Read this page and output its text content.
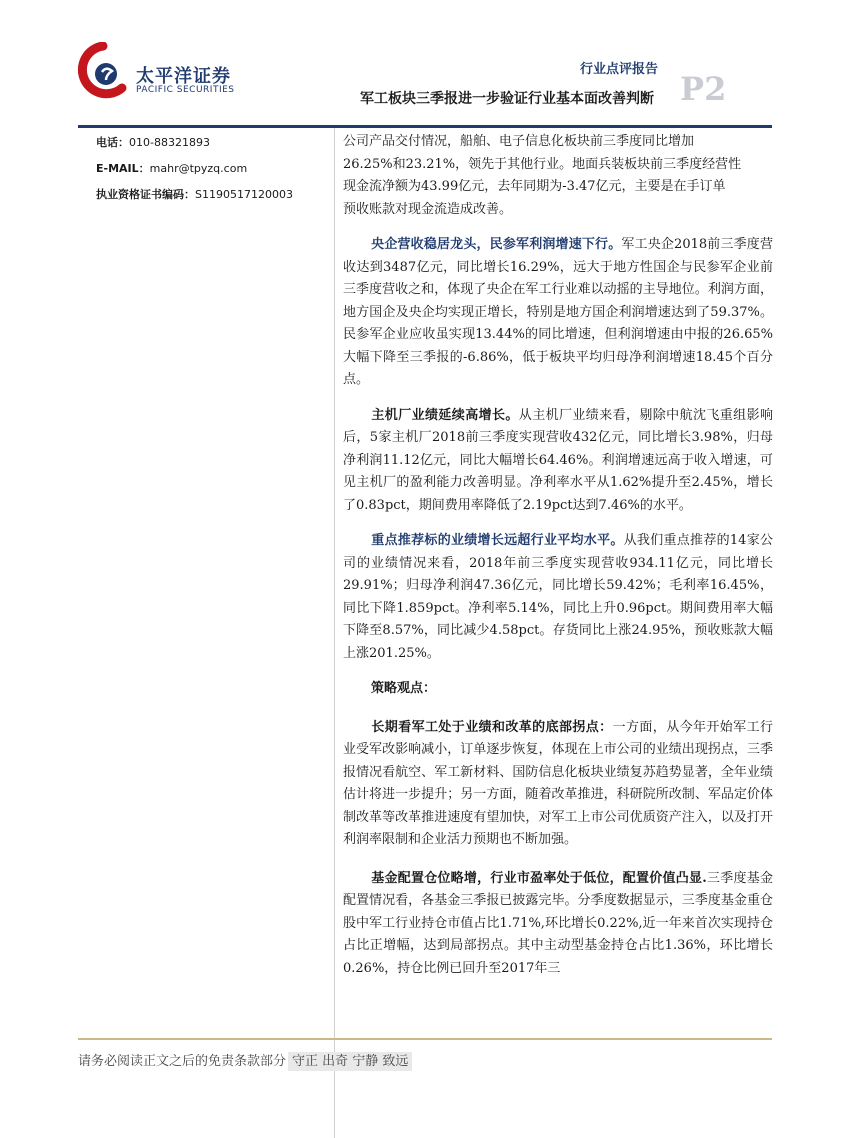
太平洋证券
PACIFIC SECURITIES
行业点评报告
军工板块三季报进一步验证行业基本面改善判断 P2
电话：010-88321893
E-MAIL：mahr@tpyzq.com
执业资格证书编码：S1190517120003

公司产品交付情况，船舶、电子信息化板块前三季度同比增加
26.25%和23.21%，领先于其他行业。地面兵装板块前三季度经营性
现金流净额为43.99亿元，去年同期为-3.47亿元，主要是在手订单
预收账款对现金流造成改善。

央企营收稳居龙头，民参军利润增速下行。军工央企2018前三季度营收达到3487亿元，同比增长16.29%，远大于地方性国企与民参军企业前三季度营收之和，体现了央企在军工行业难以动摇的主导地位。利润方面，地方国企及央企均实现正增长，特别是地方国企利润增速达到了59.37%。民参军企业应收虽实现13.44%的同比增速，但利润增速由中报的26.65%大幅下降至三季报的-6.86%，低于板块平均归母净利润增速18.45个百分点。

主机厂业绩延续高增长。从主机厂业绩来看，剔除中航沈飞重组影响后，5家主机厂2018前三季度实现营收432亿元，同比增长3.98%，归母净利润11.12亿元，同比大幅增长64.46%。利润增速远高于收入增速，可见主机厂的盈利能力改善明显。净利率水平从1.62%提升至2.45%，增长了0.83pct，期间费用率降低了2.19pct达到7.46%的水平。

重点推荐标的业绩增长远超行业平均水平。从我们重点推荐的14家公司的业绩情况来看，2018年前三季度实现营收934.11亿元，同比增长29.91%；归母净利润47.36亿元，同比增长59.42%；毛利率16.45%，同比下降1.859pct。净利率5.14%，同比上升0.96pct。期间费用率大幅下降至8.57%，同比减少4.58pct。存货同比上涨24.95%，预收账款大幅上涨201.25%。

策略观点：

长期看军工处于业绩和改革的底部拐点：一方面，从今年开始军工行业受军改影响减小，订单逐步恢复，体现在上市公司的业绩出现拐点，三季报情况看航空、军工新材料、国防信息化板块业绩复苏趋势显著，全年业绩估计将进一步提升；另一方面，随着改革推进，科研院所改制、军品定价体制改革等改革推进速度有望加快，对军工上市公司优质资产注入，以及打开利润率限制和企业活力预期也不断加强。

基金配置仓位略增，行业市盈率处于低位，配置价值凸显.三季度基金配置情况看，各基金三季报已披露完毕。分季度数据显示，三季度基金重仓股中军工行业持仓市值占比1.71%,环比增长0.22%,近一年来首次实现持仓占比正增幅，达到局部拐点。其中主动型基金持仓占比1.36%，环比增长0.26%，持仓比例已回升至2017年三

请务必阅读正文之后的免责条款部分 守正 出奇 宁静 致远
